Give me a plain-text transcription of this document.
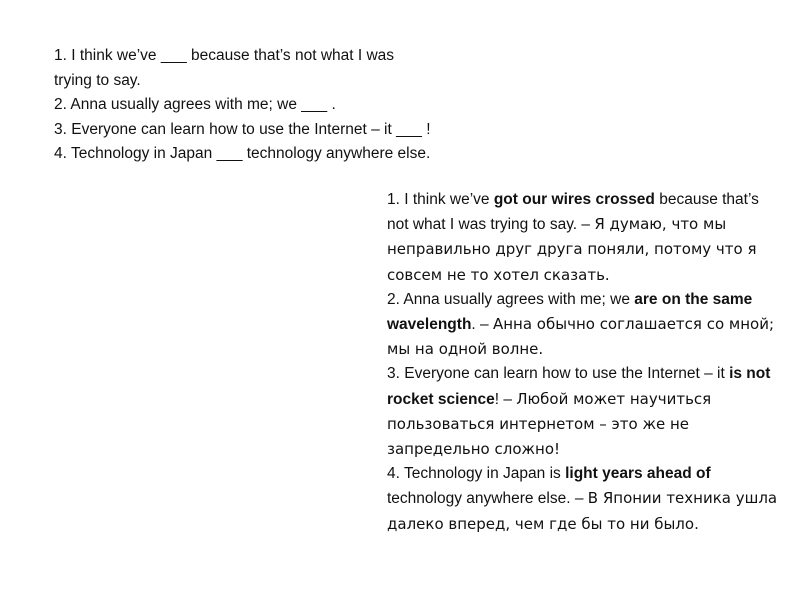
1. I think we’ve ___ because that’s not what I was trying to say.
2. Anna usually agrees with me; we ___ .
3. Everyone can learn how to use the Internet – it ___ !
4. Technology in Japan ___ technology anywhere else.
1. I think we’ve got our wires crossed because that’s not what I was trying to say. – Я думаю, что мы неправильно друг друга поняли, потому что я совсем не то хотел сказать.
2. Anna usually agrees with me; we are on the same wavelength. – Анна обычно соглашается со мной; мы на одной волне.
3. Everyone can learn how to use the Internet – it is not rocket science! – Любой может научиться пользоваться интернетом – это же не запредельно сложно!
4. Technology in Japan is light years ahead of technology anywhere else. – В Японии техника ушла далеко вперед, чем где бы то ни было.
